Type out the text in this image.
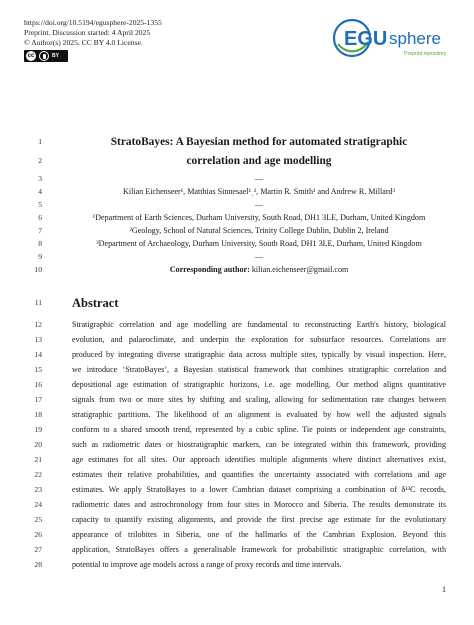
https://doi.org/10.5194/egusphere-2025-1355
Preprint. Discussion started: 4 April 2025
© Author(s) 2025. CC BY 4.0 License.
cc	BY
EGU sphere
Preprint repository
1	StratoBayes: A Bayesian method for automated stratigraphic
2	correlation and age modelling
3	—
4	Kilian Eichenseer¹, Matthias Sinnesael¹ˌ², Martin R. Smith¹ and Andrew R. Millard³
5	—
6	¹Department of Earth Sciences, Durham University, South Road, DH1 3LE, Durham, United Kingdom
7	²Geology, School of Natural Sciences, Trinity College Dublin, Dublin 2, Ireland
8	³Department of Archaeology, Durham University, South Road, DH1 3LE, Durham, United Kingdom
9	—
10	Corresponding author: kilian.eichenseer@gmail.com
11 Abstract
12	Stratigraphic correlation and age modelling are fundamental to reconstructing Earth's history, biological
13	evolution, and palaeoclimate, and underpin the exploration for subsurface resources. Correlations are
14	produced by integrating diverse stratigraphic data across multiple sites, typically by visual inspection. Here,
15	we introduce ‘StratoBayes’, a Bayesian statistical framework that combines stratigraphic correlation and
16	depositional age estimation of stratigraphic horizons, i.e. age modelling. Our method aligns quantitative
17	signals from two or more sites by shifting and scaling, allowing for sedimentation rate changes between
18	stratigraphic partitions. The likelihood of an alignment is evaluated by how well the adjusted signals
19	conform to a shared smooth trend, represented by a cubic spline. Tie points or independent age constraints,
20	such as radiometric dates or biostratigraphic markers, can be integrated within this framework, providing
21	age estimates for all sites. Our approach identifies multiple alignments where distinct alternatives exist,
22	estimates their relative probabilities, and quantifies the uncertainty associated with correlations and age
23	estimates. We apply StratoBayes to a lower Cambrian dataset comprising a combination of δ¹³C records,
24	radiometric dates and astrochronology from four sites in Morocco and Siberia. The results demonstrate its
25	capacity to quantify existing alignments, and provide the first precise age estimate for the evolutionary
26	appearance of trilobites in Siberia, one of the hallmarks of the Cambrian Explosion. Beyond this
27	application, StratoBayes offers a generalisable framework for probabilistic stratigraphic correlation, with
28	potential to improve age models across a range of proxy records and time intervals.
1
